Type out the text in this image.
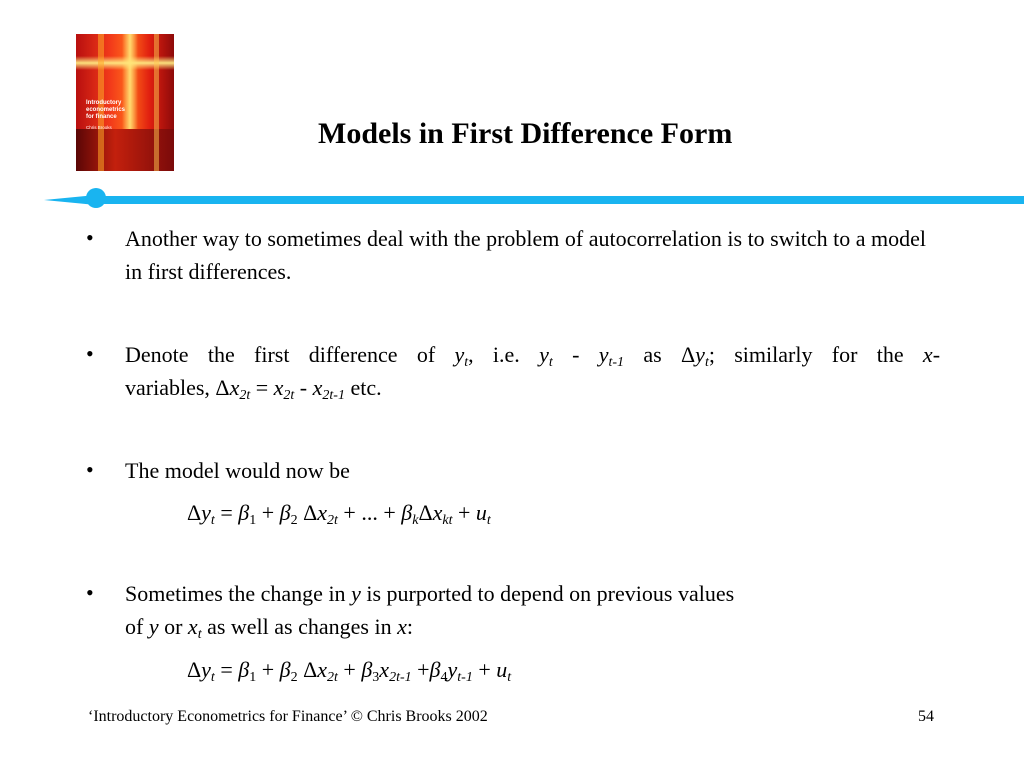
Introductory
econometrics
for finance
Chris Brooks	Models in First Difference Form
• Another way to sometimes deal with the problem of autocorrelation is to switch to a model in first differences.
• Denote the first difference of $y_t$, i.e. $y_t - y_{t-1}$ as $\Delta y_t$; similarly for the x-
variables, $\Delta x_{2t} = x_{2t} - x_{2t-1}$ etc.
• The model would now be
$\Delta y_t = \beta_1 + \beta_2$ $\Delta x_{2t}$ + ... + $\beta_k\Delta x_{kt} + u_t$
• Sometimes the change in y is purported to depend on previous values
of y or $x_t$ as well as changes in x:
$\Delta y_t = \beta_1 + \beta_2$ $\Delta x_{2t} + \beta_3x_{2t-1} +\beta_4y_{t-1} + u_t$
‘Introductory Econometrics for Finance’ © Chris Brooks 2002	54
